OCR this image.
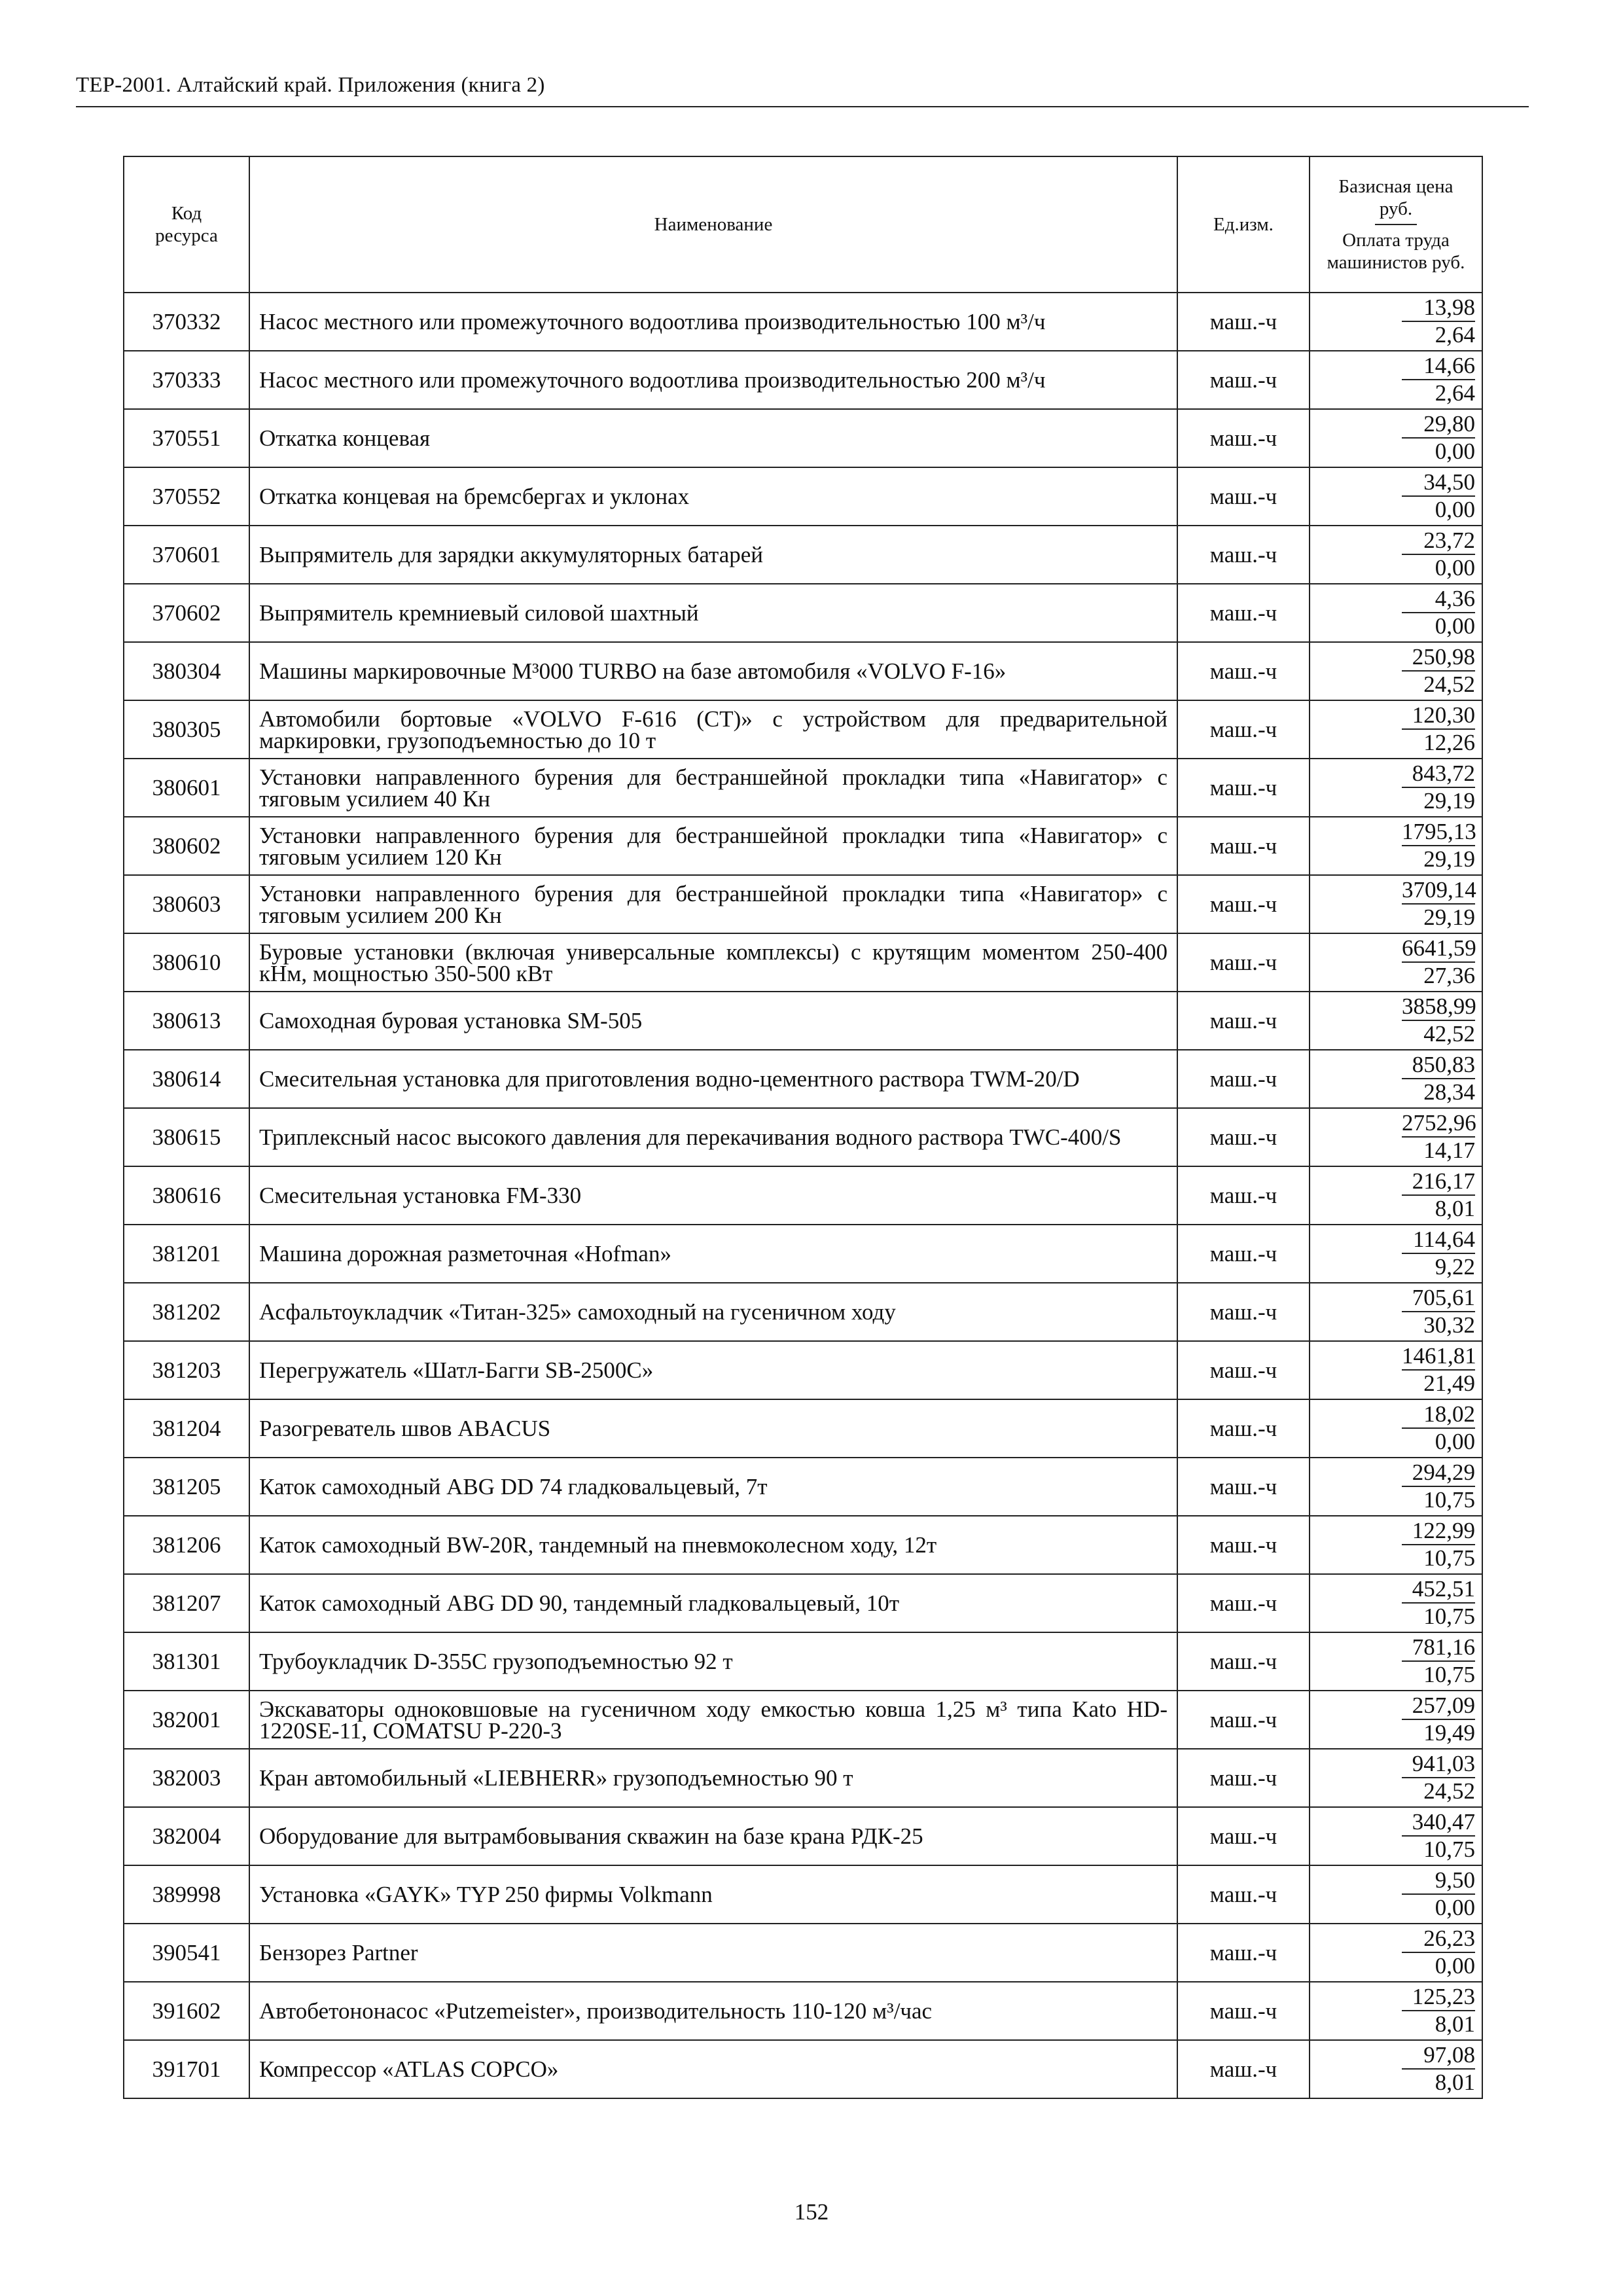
ТЕР-2001. Алтайский край. Приложения (книга 2)
Код ресурса	Наименование	Ед.изм.	Базисная цена руб.
Оплата труда машинистов руб.

370332	Насос местного или промежуточного водоотлива производительностью 100 м³/ч	маш.-ч	$\frac{13,98}{2,64}$

370333	Насос местного или промежуточного водоотлива производительностью 200 м³/ч	маш.-ч	$\frac{14,66}{2,64}$

370551	Откатка концевая	маш.-ч	$\frac{29,80}{0,00}$

370552	Откатка концевая на бремсбергах и уклонах	маш.-ч	$\frac{34,50}{0,00}$

370601	Выпрямитель для зарядки аккумуляторных батарей	маш.-ч	$\frac{23,72}{0,00}$

370602	Выпрямитель кремниевый силовой шахтный	маш.-ч	$\frac{4,36}{0,00}$

380304	Машины маркировочные М³000 TURBO на базе автомобиля «VOLVO F-16»	маш.-ч	$\frac{250,98}{24,52}$

380305	Автомобили бортовые «VOLVO F-616 (CT)» с устройством для предварительной маркировки, грузоподъемностью до 10 т	маш.-ч	$\frac{120,30}{12,26}$

380601	Установки направленного бурения для бестраншейной прокладки типа «Навигатор» с тяговым усилием 40 Кн	маш.-ч	$\frac{843,72}{29,19}$

380602	Установки направленного бурения для бестраншейной прокладки типа «Навигатор» с тяговым усилием 120 Кн	маш.-ч	$\frac{1795,13}{29,19}$

380603	Установки направленного бурения для бестраншейной прокладки типа «Навигатор» с тяговым усилием 200 Кн	маш.-ч	$\frac{3709,14}{29,19}$

380610	Буровые установки (включая универсальные комплексы) с крутящим моментом 250-400 кНм, мощностью 350-500 кВт	маш.-ч	$\frac{6641,59}{27,36}$

380613	Самоходная буровая установка SM-505	маш.-ч	$\frac{3858,99}{42,52}$

380614	Смесительная установка для приготовления водно-цементного раствора TWM-20/D	маш.-ч	$\frac{850,83}{28,34}$

380615	Триплексный насос высокого давления для перекачивания водного раствора TWC-400/S	маш.-ч	$\frac{2752,96}{14,17}$

380616	Смесительная установка FM-330	маш.-ч	$\frac{216,17}{8,01}$

381201	Машина дорожная разметочная «Hofman»	маш.-ч	$\frac{114,64}{9,22}$

381202	Асфальтоукладчик «Титан-325» самоходный на гусеничном ходу	маш.-ч	$\frac{705,61}{30,32}$

381203	Перегружатель «Шатл-Багги SB-2500C»	маш.-ч	$\frac{1461,81}{21,49}$

381204	Разогреватель швов ABACUS	маш.-ч	$\frac{18,02}{0,00}$

381205	Каток самоходный ABG DD 74 гладковальцевый, 7т	маш.-ч	$\frac{294,29}{10,75}$

381206	Каток самоходный BW-20R, тандемный на пневмоколесном ходу, 12т	маш.-ч	$\frac{122,99}{10,75}$

381207	Каток самоходный ABG DD 90, тандемный гладковальцевый, 10т	маш.-ч	$\frac{452,51}{10,75}$

381301	Трубоукладчик D-355C грузоподъемностью 92 т	маш.-ч	$\frac{781,16}{10,75}$

382001	Экскаваторы одноковшовые на гусеничном ходу емкостью ковша 1,25 м³ типа Kato HD-1220SE-11, COMATSU P-220-3	маш.-ч	$\frac{257,09}{19,49}$

382003	Кран автомобильный «LIEBHERR» грузоподъемностью 90 т	маш.-ч	$\frac{941,03}{24,52}$

382004	Оборудование для вытрамбовывания скважин на базе крана РДК-25	маш.-ч	$\frac{340,47}{10,75}$

389998	Установка «GAYK» TYP 250 фирмы Volkmann	маш.-ч	$\frac{9,50}{0,00}$

390541	Бензорез Partner	маш.-ч	$\frac{26,23}{0,00}$

391602	Автобетононасос «Putzemeister», производительность 110-120 м³/час	маш.-ч	$\frac{125,23}{8,01}$

391701	Компрессор «ATLAS COPCO»	маш.-ч	$\frac{97,08}{8,01}$
152
